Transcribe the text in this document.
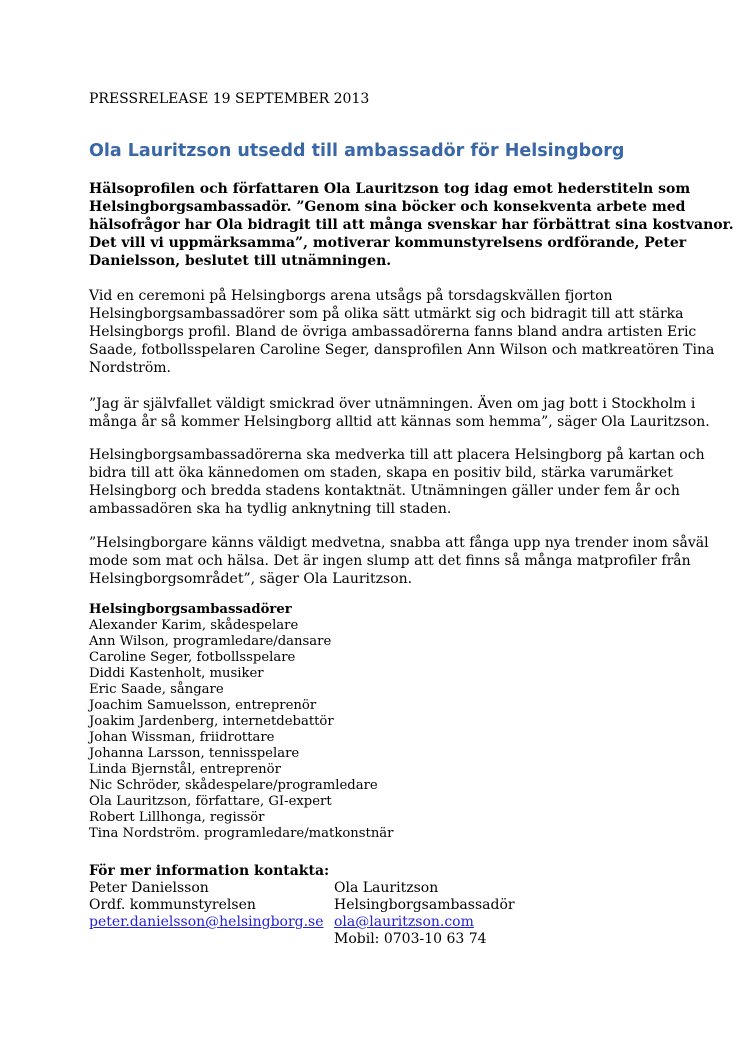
PRESSRELEASE 19 SEPTEMBER 2013
Ola Lauritzson utsedd till ambassadör för Helsingborg
Hälsoprofilen och författaren Ola Lauritzson tog idag emot hederstiteln som
Helsingborgsambassadör. ”Genom sina böcker och konsekventa arbete med
hälsofrågor har Ola bidragit till att många svenskar har förbättrat sina kostvanor.
Det vill vi uppmärksamma”, motiverar kommunstyrelsens ordförande, Peter
Danielsson, beslutet till utnämningen.
Vid en ceremoni på Helsingborgs arena utsågs på torsdagskvällen fjorton
Helsingborgsambassadörer som på olika sätt utmärkt sig och bidragit till att stärka
Helsingborgs profil. Bland de övriga ambassadörerna fanns bland andra artisten Eric
Saade, fotbollsspelaren Caroline Seger, dansprofilen Ann Wilson och matkreatören Tina
Nordström.
”Jag är självfallet väldigt smickrad över utnämningen. Även om jag bott i Stockholm i
många år så kommer Helsingborg alltid att kännas som hemma”, säger Ola Lauritzson.
Helsingborgsambassadörerna ska medverka till att placera Helsingborg på kartan och
bidra till att öka kännedomen om staden, skapa en positiv bild, stärka varumärket
Helsingborg och bredda stadens kontaktnät. Utnämningen gäller under fem år och
ambassadören ska ha tydlig anknytning till staden.
”Helsingborgare känns väldigt medvetna, snabba att fånga upp nya trender inom såväl
mode som mat och hälsa. Det är ingen slump att det finns så många matprofiler från
Helsingborgsområdet”, säger Ola Lauritzson.
Helsingborgsambassadörer
Alexander Karim, skådespelare
Ann Wilson, programledare/dansare
Caroline Seger, fotbollsspelare
Diddi Kastenholt, musiker
Eric Saade, sångare
Joachim Samuelsson, entreprenör
Joakim Jardenberg, internetdebattör
Johan Wissman, friidrottare
Johanna Larsson, tennisspelare
Linda Bjernstål, entreprenör
Nic Schröder, skådespelare/programledare
Ola Lauritzson, författare, GI-expert
Robert Lillhonga, regissör
Tina Nordström. programledare/matkonstnär
För mer information kontakta:
Peter Danielsson
Ordf. kommunstyrelsen
peter.danielsson@helsingborg.se
Ola Lauritzson
Helsingborgsambassadör
ola@lauritzson.com
Mobil: 0703-10 63 74
